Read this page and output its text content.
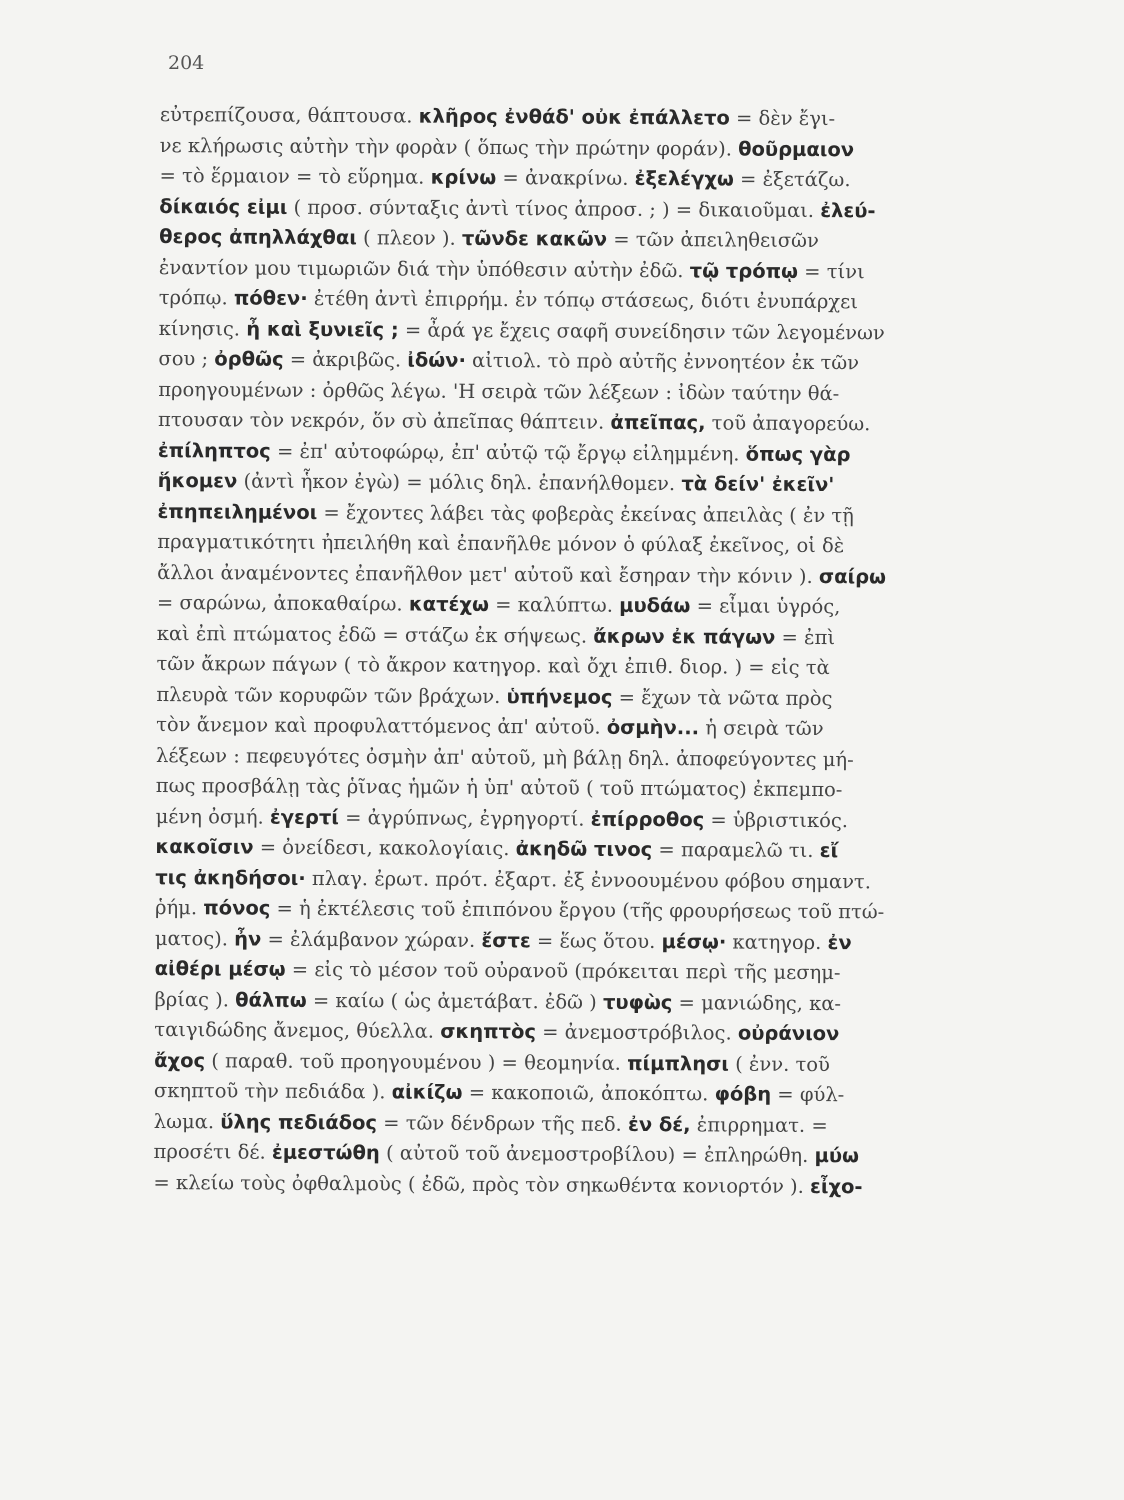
204
εὐτρεπίζουσα, θάπτουσα. κλῆρος ἐνθάδ' οὐκ ἐπάλλετο = δὲν ἔγι-
νε κλήρωσις αὐτὴν τὴν φορὰν ( ὅπως τὴν πρώτην φοράν). θοῦρμαιον
= τὸ ἕρμαιον = τὸ εὕρημα. κρίνω = ἀνακρίνω. ἐξελέγχω = ἐξετάζω.
δίκαιός εἰμι ( προσ. σύνταξις ἀντὶ τίνος ἀπροσ. ; ) = δικαιοῦμαι. ἐλεύ-
θερος ἀπηλλάχθαι ( πλεον ). τῶνδε κακῶν = τῶν ἀπειληθεισῶν
ἐναντίον μου τιμωριῶν διά τὴν ὑπόθεσιν αὐτὴν ἐδῶ. τῷ τρόπῳ = τίνι
τρόπῳ. πόθεν· ἐτέθη ἀντὶ ἐπιρρήμ. ἐν τόπῳ στάσεως, διότι ἐνυπάρχει
κίνησις. ἦ καὶ ξυνιεῖς ; = ἆρά γε ἔχεις σαφῆ συνείδησιν τῶν λεγομένων
σου ; ὀρθῶς = ἀκριβῶς. ἰδών· αἰτιολ. τὸ πρὸ αὐτῆς ἐννοητέον ἐκ τῶν
προηγουμένων : ὀρθῶς λέγω. 'Η σειρὰ τῶν λέξεων : ἰδὼν ταύτην θά-
πτουσαν τὸν νεκρόν, ὅν σὺ ἀπεῖπας θάπτειν. ἀπεῖπας, τοῦ ἀπαγορεύω.
ἐπίληπτος = ἐπ' αὐτοφώρῳ, ἐπ' αὐτῷ τῷ ἔργῳ εἰλημμένη. ὅπως γὰρ
ἥκομεν (ἀντὶ ἧκον ἐγὼ) = μόλις δηλ. ἐπανήλθομεν. τὰ δείν' ἐκεῖν'
ἐπηπειλημένοι = ἔχοντες λάβει τὰς φοβερὰς ἐκείνας ἀπειλὰς ( ἐν τῇ
πραγματικότητι ἠπειλήθη καὶ ἐπανῆλθε μόνον ὁ φύλαξ ἐκεῖνος, οἱ δὲ
ἄλλοι ἀναμένοντες ἐπανῆλθον μετ' αὐτοῦ καὶ ἔσηραν τὴν κόνιν ). σαίρω
= σαρώνω, ἀποκαθαίρω. κατέχω = καλύπτω. μυδάω = εἶμαι ὑγρός,
καὶ ἐπὶ πτώματος ἐδῶ = στάζω ἐκ σήψεως. ἄκρων ἐκ πάγων = ἐπὶ
τῶν ἄκρων πάγων ( τὸ ἄκρον κατηγορ. καὶ ὄχι ἐπιθ. διορ. ) = εἰς τὰ
πλευρὰ τῶν κορυφῶν τῶν βράχων. ὑπήνεμος = ἔχων τὰ νῶτα πρὸς
τὸν ἄνεμον καὶ προφυλαττόμενος ἀπ' αὐτοῦ. ὀσμὴν... ἡ σειρὰ τῶν
λέξεων : πεφευγότες ὀσμὴν ἀπ' αὐτοῦ, μὴ βάλῃ δηλ. ἀποφεύγοντες μή-
πως προσβάλῃ τὰς ῥῖνας ἡμῶν ἡ ὑπ' αὐτοῦ ( τοῦ πτώματος) ἐκπεμπο-
μένη ὀσμή. ἐγερτί = ἀγρύπνως, ἐγρηγορτί. ἐπίρροθος = ὑβριστικός.
κακοῖσιν = ὀνείδεσι, κακολογίαις. ἀκηδῶ τινος = παραμελῶ τι. εἴ
τις ἀκηδήσοι· πλαγ. ἐρωτ. πρότ. ἐξαρτ. ἐξ ἐννοουμένου φόβου σημαντ.
ῥήμ. πόνος = ἡ ἐκτέλεσις τοῦ ἐπιπόνου ἔργου (τῆς φρουρήσεως τοῦ πτώ-
ματος). ἦν = ἐλάμβανον χώραν. ἔστε = ἕως ὅτου. μέσῳ· κατηγορ. ἐν
αἰθέρι μέσῳ = εἰς τὸ μέσον τοῦ οὐρανοῦ (πρόκειται περὶ τῆς μεσημ-
βρίας ). θάλπω = καίω ( ὡς ἀμετάβατ. ἐδῶ ) τυφὼς = μανιώδης, κα-
ταιγιδώδης ἄνεμος, θύελλα. σκηπτὸς = ἀνεμοστρόβιλος. οὐράνιον
ἄχος ( παραθ. τοῦ προηγουμένου ) = θεομηνία. πίμπλησι ( ἐνν. τοῦ
σκηπτοῦ τὴν πεδιάδα ). αἰκίζω = κακοποιῶ, ἀποκόπτω. φόβη = φύλ-
λωμα. ὕλης πεδιάδος = τῶν δένδρων τῆς πεδ. ἐν δέ, ἐπιρρηματ. =
προσέτι δέ. ἐμεστώθη ( αὐτοῦ τοῦ ἀνεμοστροβίλου) = ἐπληρώθη. μύω
= κλείω τοὺς ὀφθαλμοὺς ( ἐδῶ, πρὸς τὸν σηκωθέντα κονιορτόν ). εἶχο-
